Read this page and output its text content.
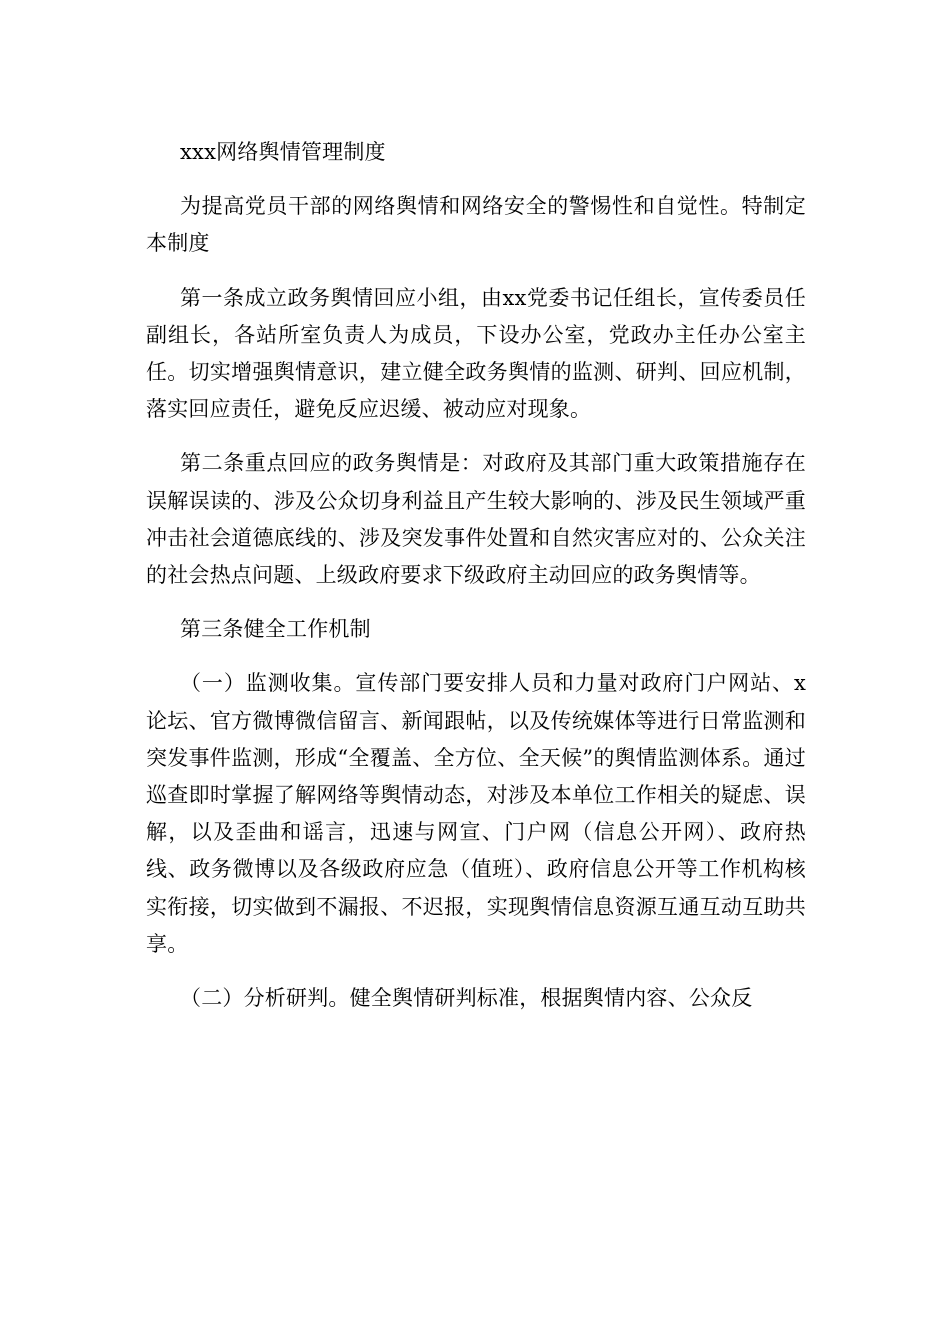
xxx网络舆情管理制度

为提高党员干部的网络舆情和网络安全的警惕性和自觉性。特制定本制度

第一条成立政务舆情回应小组，由xx党委书记任组长，宣传委员任副组长，各站所室负责人为成员，下设办公室，党政办主任办公室主任。切实增强舆情意识，建立健全政务舆情的监测、研判、回应机制，落实回应责任，避免反应迟缓、被动应对现象。

第二条重点回应的政务舆情是：对政府及其部门重大政策措施存在误解误读的、涉及公众切身利益且产生较大影响的、涉及民生领域严重冲击社会道德底线的、涉及突发事件处置和自然灾害应对的、公众关注的社会热点问题、上级政府要求下级政府主动回应的政务舆情等。

第三条健全工作机制

（一）监测收集。宣传部门要安排人员和力量对政府门户网站、x论坛、官方微博微信留言、新闻跟帖，以及传统媒体等进行日常监测和突发事件监测，形成“全覆盖、全方位、全天候”的舆情监测体系。通过巡查即时掌握了解网络等舆情动态，对涉及本单位工作相关的疑虑、误解，以及歪曲和谣言，迅速与网宣、门户网（信息公开网）、政府热线、政务微博以及各级政府应急（值班）、政府信息公开等工作机构核实衔接，切实做到不漏报、不迟报，实现舆情信息资源互通互动互助共享。

（二）分析研判。健全舆情研判标准，根据舆情内容、公众反
